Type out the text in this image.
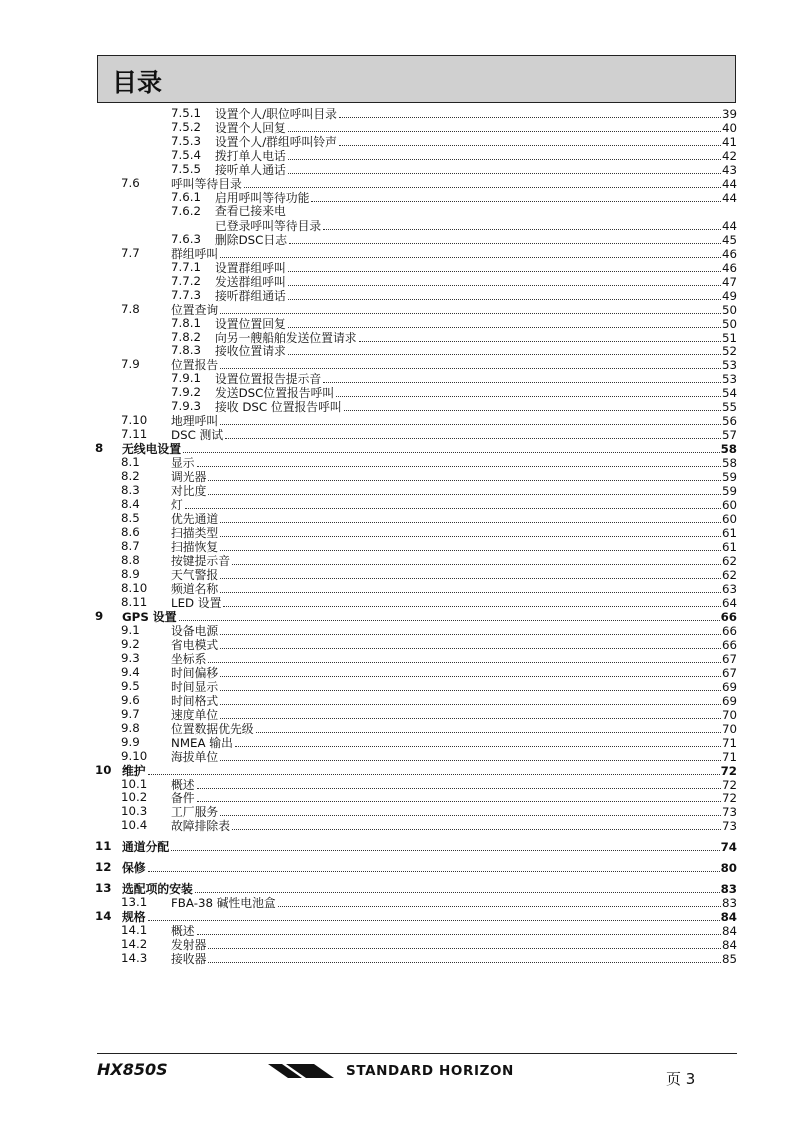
目录
7.5.1 设置个人/职位呼叫目录	39
7.5.2 设置个人回复	40
7.5.3 设置个人/群组呼叫铃声	41
7.5.4 拨打单人电话	42
7.5.5 接听单人通话	43
7.6	呼叫等待目录	44
7.6.1 启用呼叫等待功能	44
7.6.2 查看已接来电
已登录呼叫等待目录	44
7.6.3 删除DSC日志	45
7.7	群组呼叫	46
7.7.1 设置群组呼叫	46
7.7.2 发送群组呼叫	47
7.7.3 接听群组通话	49
7.8	位置查询	50
7.8.1 设置位置回复	50
7.8.2 向另一艘船舶发送位置请求	51
7.8.3 接收位置请求	52
7.9	位置报告	53
7.9.1 设置位置报告提示音	53
7.9.2 发送DSC位置报告呼叫	54
7.9.3 接收 DSC 位置报告呼叫	55
7.10 地理呼叫	56
7.11 DSC 测试	57
8 无线电设置	58
8.1	显示	58
8.2	调光器	59
8.3	对比度	59
8.4	灯	60
8.5	优先通道	60
8.6	扫描类型	61
8.7	扫描恢复	61
8.8	按键提示音	62
8.9	天气警报	62
8.10 频道名称	63
8.11 LED 设置	64
9 GPS 设置	66
9.1	设备电源	66
9.2	省电模式	66
9.3	坐标系	67
9.4	时间偏移	67
9.5	时间显示	69
9.6	时间格式	69
9.7	速度单位	70
9.8	位置数据优先级	70
9.9	NMEA 输出	71
9.10 海拔单位	71
10 维护	72
10.1 概述	72
10.2 备件	72
10.3 工厂服务	73
10.4 故障排除表	73
11 通道分配	74
12 保修	80
13 选配项的安装	83
13.1 FBA-38 碱性电池盒	83
14 规格	84
14.1 概述	84
14.2 发射器	84
14.3 接收器	85
HX850S	STANDARD HORIZON	页 3
